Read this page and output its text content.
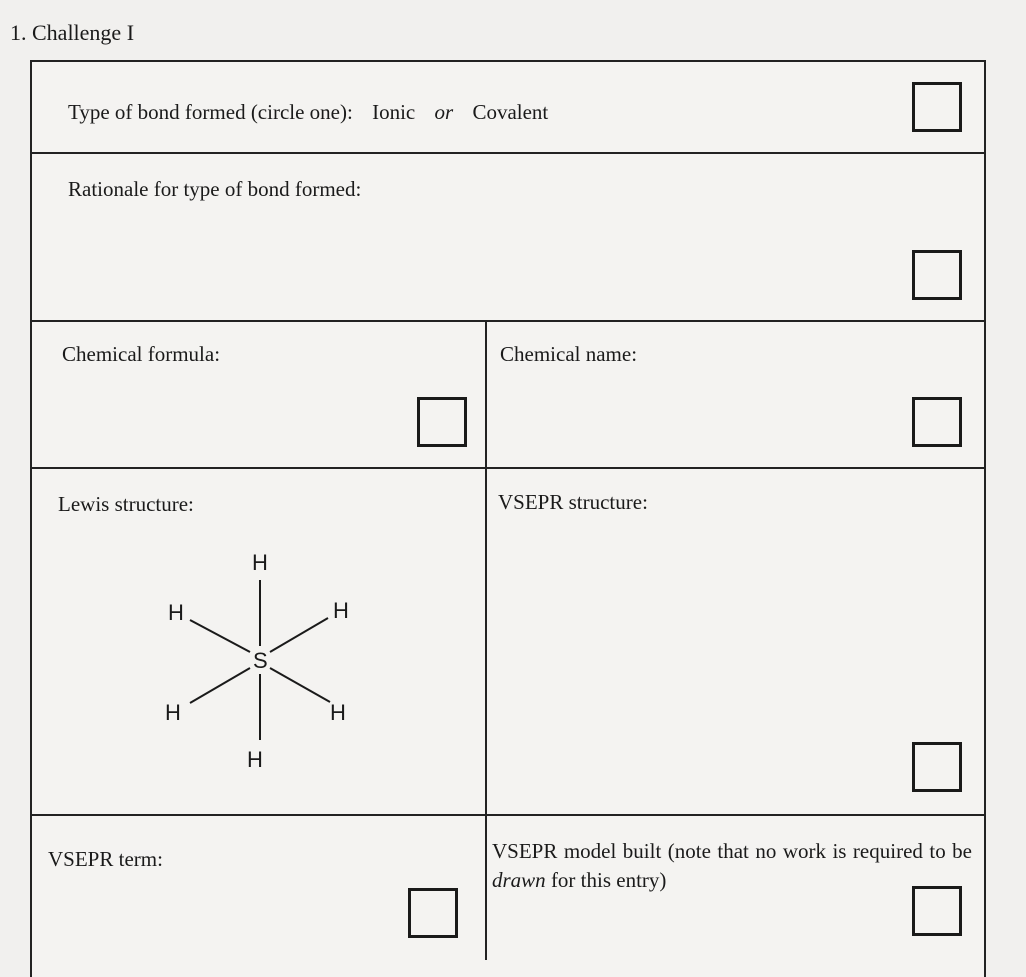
1. Challenge I
Type of bond formed (circle one): Ionic or Covalent
Rationale for type of bond formed:
Chemical formula:	Chemical name:
Lewis structure:	VSEPR structure:
VSEPR term:	VSEPR model built (note that no work is required to be drawn for this entry)
S
H
H	H
H	H
H
